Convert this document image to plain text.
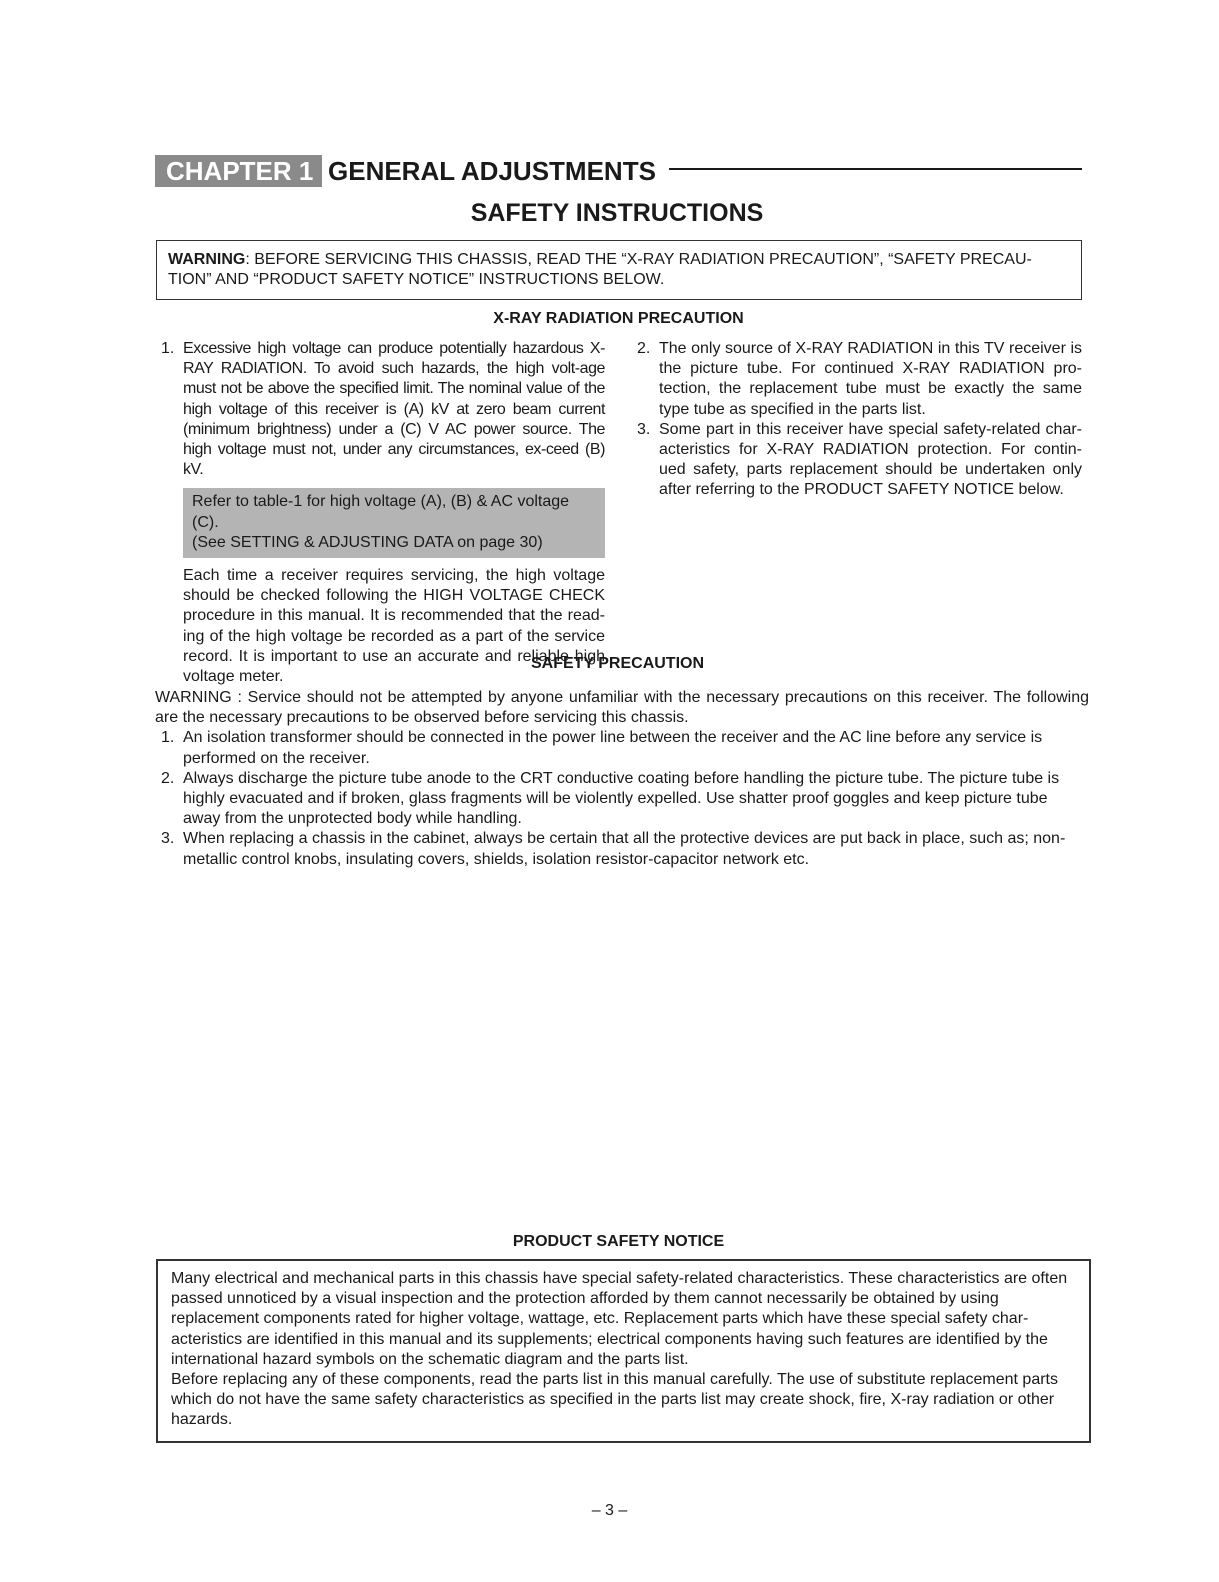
CHAPTER 1 GENERAL ADJUSTMENTS
SAFETY INSTRUCTIONS
WARNING: BEFORE SERVICING THIS CHASSIS, READ THE “X-RAY RADIATION PRECAUTION”, “SAFETY PRECAU-TION” AND “PRODUCT SAFETY NOTICE” INSTRUCTIONS BELOW.
X-RAY RADIATION PRECAUTION
1. Excessive high voltage can produce potentially hazardous X-RAY RADIATION. To avoid such hazards, the high volt-age must not be above the specified limit. The nominal value of the high voltage of this receiver is (A) kV at zero beam current (minimum brightness) under a (C) V AC power source. The high voltage must not, under any circumstances, ex-ceed (B) kV.
Refer to table-1 for high voltage (A), (B) & AC voltage (C).
(See SETTING & ADJUSTING DATA on page 30)

Each time a receiver requires servicing, the high voltage should be checked following the HIGH VOLTAGE CHECK procedure in this manual. It is recommended that the read-ing of the high voltage be recorded as a part of the service record. It is important to use an accurate and reliable high voltage meter.

2. The only source of X-RAY RADIATION in this TV receiver is the picture tube. For continued X-RAY RADIATION pro-tection, the replacement tube must be exactly the same type tube as specified in the parts list.
3. Some part in this receiver have special safety-related char-acteristics for X-RAY RADIATION protection. For contin-ued safety, parts replacement should be undertaken only after referring to the PRODUCT SAFETY NOTICE below.
SAFETY PRECAUTION

WARNING : Service should not be attempted by anyone unfamiliar with the necessary precautions on this receiver. The following are the necessary precautions to be observed before servicing this chassis.

1. An isolation transformer should be connected in the power line between the receiver and the AC line before any service is performed on the receiver.
2. Always discharge the picture tube anode to the CRT conductive coating before handling the picture tube. The picture tube is highly evacuated and if broken, glass fragments will be violently expelled. Use shatter proof goggles and keep picture tube away from the unprotected body while handling.
3. When replacing a chassis in the cabinet, always be certain that all the protective devices are put back in place, such as; non-metallic control knobs, insulating covers, shields, isolation resistor-capacitor network etc.
PRODUCT SAFETY NOTICE

Many electrical and mechanical parts in this chassis have special safety-related characteristics. These characteristics are often passed unnoticed by a visual inspection and the protection afforded by them cannot necessarily be obtained by using replacement components rated for higher voltage, wattage, etc. Replacement parts which have these special safety char-acteristics are identified in this manual and its supplements; electrical components having such features are identified by the international hazard symbols on the schematic diagram and the parts list.

Before replacing any of these components, read the parts list in this manual carefully. The use of substitute replacement parts which do not have the same safety characteristics as specified in the parts list may create shock, fire, X-ray radiation or other hazards.

– 3 –
